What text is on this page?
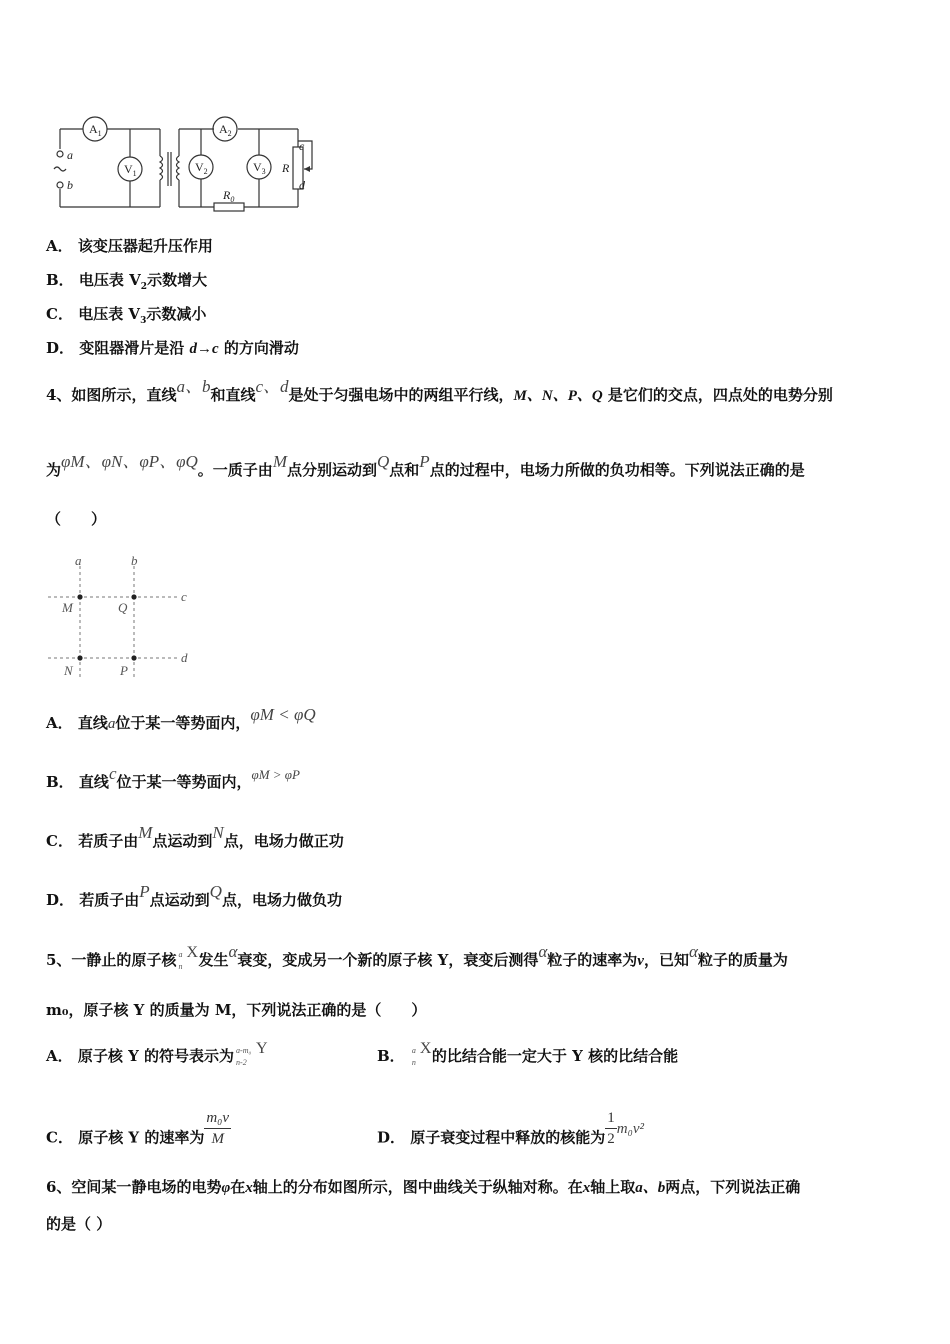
$A_1$	$A_2$
$V_1$	$V_2$	$V_3$ R
$R_0$
a
b
c
d
A． 该变压器起升压作用
B． 电压表 $V_2$示数增大
C． 电压表 $V_3$示数减小
D． 变阻器滑片是沿 d→c 的方向滑动
4、如图所示，直线a、b和直线c、d是处于匀强电场中的两组平行线，M、N、P、Q 是它们的交点，四点处的电势分别
为φM、φN、φP、φQ。一质子由M点分别运动到Q点和P点的过程中，电场力所做的负功相等。下列说法正确的是
（　　）
a	b
c
d
M	Q
N	P
A． 直线a位于某一等势面内，φM < φQ
B． 直线c位于某一等势面内，φM > φP
C． 若质子由M点运动到N点，电场力做正功
D． 若质子由P点运动到Q点，电场力做负功
5、一静止的原子核 a
n
X 发生α衰变，变成另一个新的原子核 Y，衰变后测得α粒子的速率为v，已知α粒子的质量为
m₀，原子核 Y 的质量为 M，下列说法正确的是（　　）
A． 原子核 Y 的符号表示为 a-m₀
n-2
Y	B． a
n
X 的比结合能一定大于 Y 核的比结合能
C． 原子核 Y 的速率为 $\frac{\text{m₀v}}{M}$	D． 原子衰变过程中释放的核能为 $\frac{1}{2} m_0v^2$
6、空间某一静电场的电势φ在x轴上的分布如图所示，图中曲线关于纵轴对称。在x轴上取a、b两点，下列说法正确
的是（ ）
